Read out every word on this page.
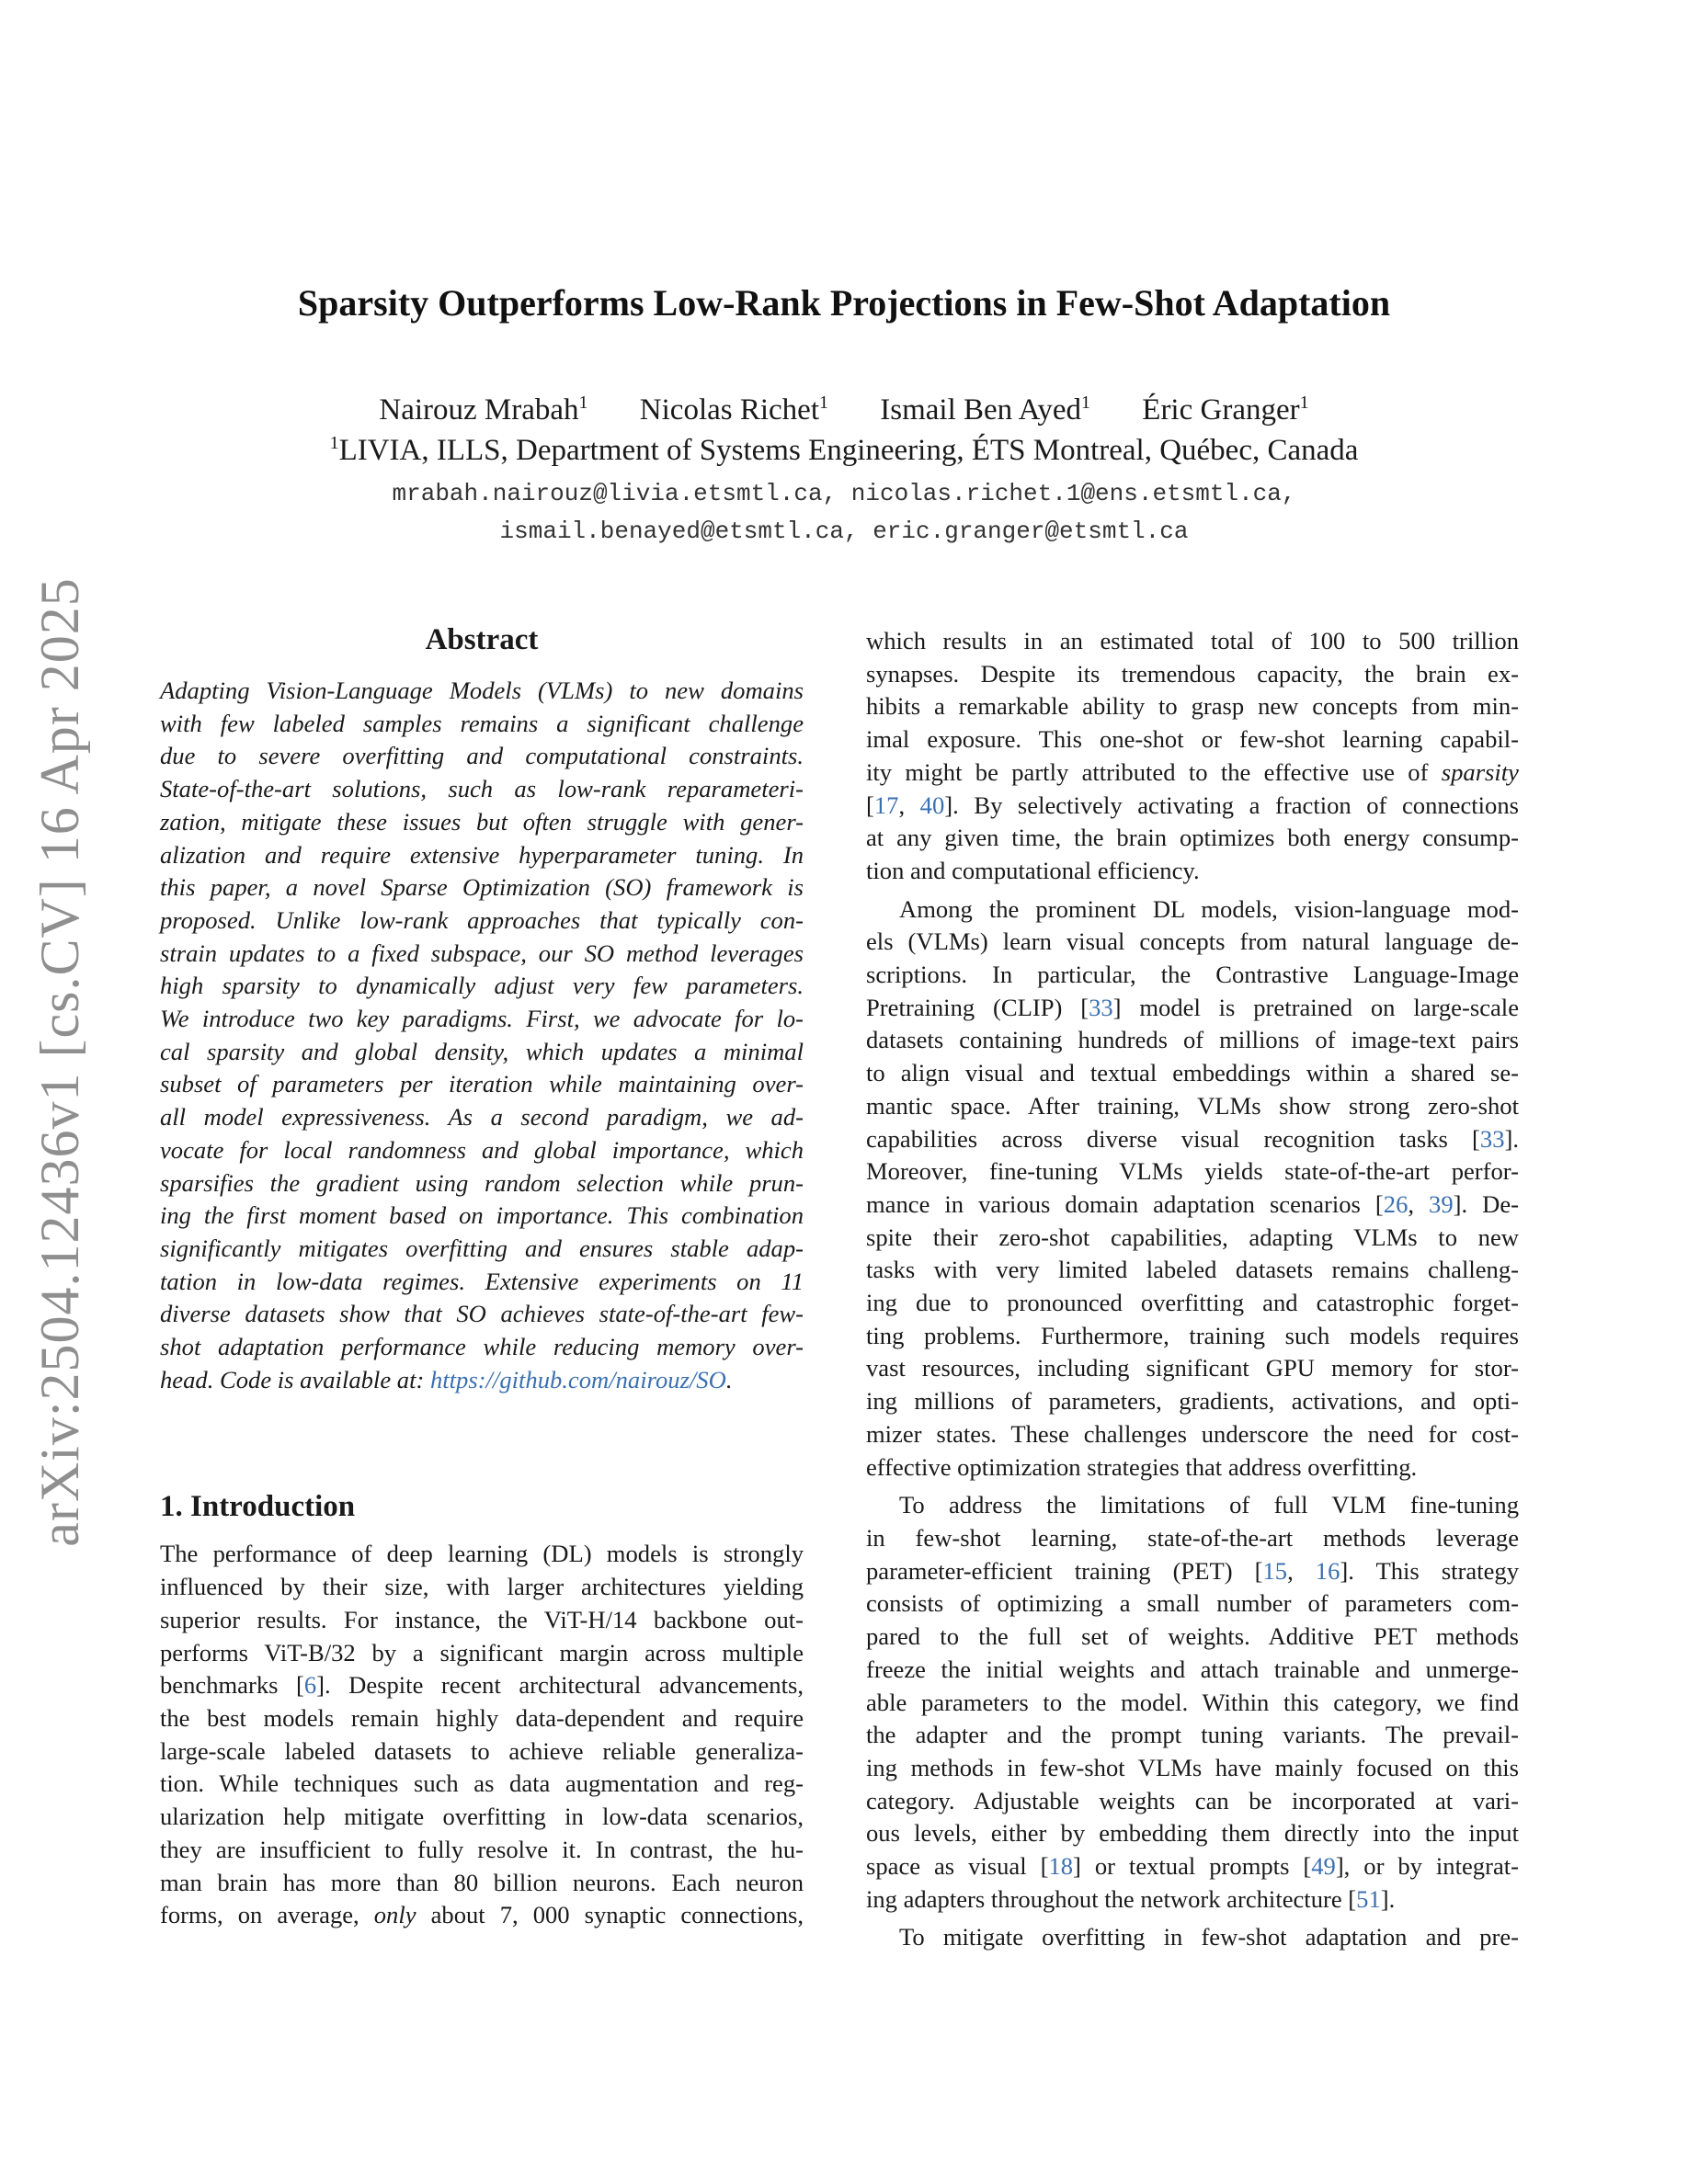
arXiv:2504.12436v1 [cs.CV] 16 Apr 2025
Sparsity Outperforms Low-Rank Projections in Few-Shot Adaptation
Nairouz Mrabah$^1$ Nicolas Richet$^1$ Ismail Ben Ayed$^1$ Éric Granger$^1$
$^1$LIVIA, ILLS, Department of Systems Engineering, ÉTS Montreal, Québec, Canada
mrabah.nairouz@livia.etsmtl.ca, nicolas.richet.1@ens.etsmtl.ca,
ismail.benayed@etsmtl.ca, eric.granger@etsmtl.ca
Abstract
Adapting Vision-Language Models (VLMs) to new domains
with few labeled samples remains a significant challenge
due to severe overfitting and computational constraints.
State-of-the-art solutions, such as low-rank reparameteri-
zation, mitigate these issues but often struggle with gener-
alization and require extensive hyperparameter tuning. In
this paper, a novel Sparse Optimization (SO) framework is
proposed. Unlike low-rank approaches that typically con-
strain updates to a fixed subspace, our SO method leverages
high sparsity to dynamically adjust very few parameters.
We introduce two key paradigms. First, we advocate for lo-
cal sparsity and global density, which updates a minimal
subset of parameters per iteration while maintaining over-
all model expressiveness. As a second paradigm, we ad-
vocate for local randomness and global importance, which
sparsifies the gradient using random selection while prun-
ing the first moment based on importance. This combination
significantly mitigates overfitting and ensures stable adap-
tation in low-data regimes. Extensive experiments on 11
diverse datasets show that SO achieves state-of-the-art few-
shot adaptation performance while reducing memory over-
head. Code is available at: https://github.com/nairouz/SO.
1. Introduction
The performance of deep learning (DL) models is strongly
influenced by their size, with larger architectures yielding
superior results. For instance, the ViT-H/14 backbone out-
performs ViT-B/32 by a significant margin across multiple
benchmarks [6]. Despite recent architectural advancements,
the best models remain highly data-dependent and require
large-scale labeled datasets to achieve reliable generaliza-
tion. While techniques such as data augmentation and reg-
ularization help mitigate overfitting in low-data scenarios,
they are insufficient to fully resolve it. In contrast, the hu-
man brain has more than 80 billion neurons. Each neuron
forms, on average, only about 7, 000 synaptic connections,
which results in an estimated total of 100 to 500 trillion
synapses. Despite its tremendous capacity, the brain ex-
hibits a remarkable ability to grasp new concepts from min-
imal exposure. This one-shot or few-shot learning capabil-
ity might be partly attributed to the effective use of sparsity
[17, 40]. By selectively activating a fraction of connections
at any given time, the brain optimizes both energy consump-
tion and computational efficiency.
Among the prominent DL models, vision-language mod-
els (VLMs) learn visual concepts from natural language de-
scriptions. In particular, the Contrastive Language-Image
Pretraining (CLIP) [33] model is pretrained on large-scale
datasets containing hundreds of millions of image-text pairs
to align visual and textual embeddings within a shared se-
mantic space. After training, VLMs show strong zero-shot
capabilities across diverse visual recognition tasks [33].
Moreover, fine-tuning VLMs yields state-of-the-art perfor-
mance in various domain adaptation scenarios [26, 39]. De-
spite their zero-shot capabilities, adapting VLMs to new
tasks with very limited labeled datasets remains challeng-
ing due to pronounced overfitting and catastrophic forget-
ting problems. Furthermore, training such models requires
vast resources, including significant GPU memory for stor-
ing millions of parameters, gradients, activations, and opti-
mizer states. These challenges underscore the need for cost-
effective optimization strategies that address overfitting.
To address the limitations of full VLM fine-tuning
in few-shot learning, state-of-the-art methods leverage
parameter-efficient training (PET) [15, 16]. This strategy
consists of optimizing a small number of parameters com-
pared to the full set of weights. Additive PET methods
freeze the initial weights and attach trainable and unmerge-
able parameters to the model. Within this category, we find
the adapter and the prompt tuning variants. The prevail-
ing methods in few-shot VLMs have mainly focused on this
category. Adjustable weights can be incorporated at vari-
ous levels, either by embedding them directly into the input
space as visual [18] or textual prompts [49], or by integrat-
ing adapters throughout the network architecture [51].
To mitigate overfitting in few-shot adaptation and pre-
